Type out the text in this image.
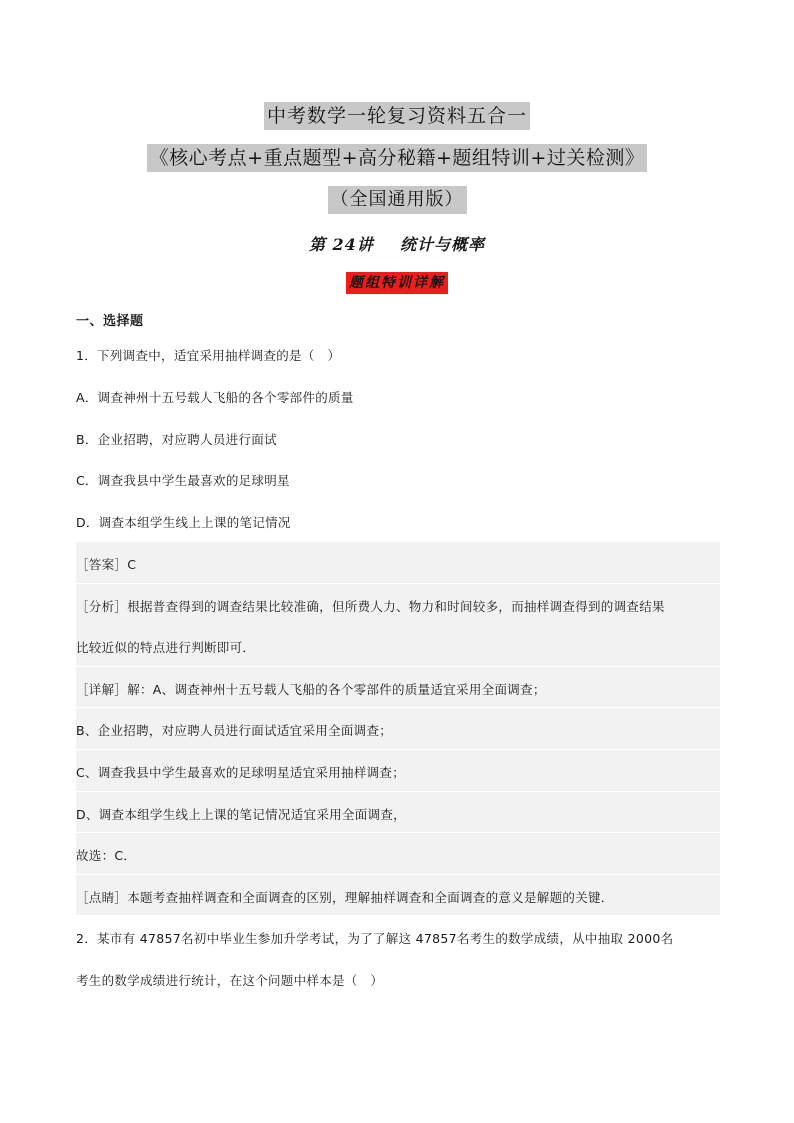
中考数学一轮复习资料五合一
《核心考点+重点题型+高分秘籍+题组特训+过关检测》
（全国通用版）
第 24讲    统计与概率
题组特训详解
一、选择题
1．下列调查中，适宜采用抽样调查的是（　）
A．调查神州十五号载人飞船的各个零部件的质量
B．企业招聘，对应聘人员进行面试
C．调查我县中学生最喜欢的足球明星
D．调查本组学生线上上课的笔记情况
［答案］C
［分析］根据普查得到的调查结果比较准确，但所费人力、物力和时间较多，而抽样调查得到的调查结果
比较近似的特点进行判断即可．
［详解］解：A、调查神州十五号载人飞船的各个零部件的质量适宜采用全面调查；
B、企业招聘，对应聘人员进行面试适宜采用全面调查；
C、调查我县中学生最喜欢的足球明星适宜采用抽样调查；
D、调查本组学生线上上课的笔记情况适宜采用全面调查，
故选：C．
［点睛］本题考查抽样调查和全面调查的区别，理解抽样调查和全面调查的意义是解题的关键．
2．某市有 47857名初中毕业生参加升学考试，为了了解这 47857名考生的数学成绩，从中抽取 2000名
考生的数学成绩进行统计，在这个问题中样本是（　）
